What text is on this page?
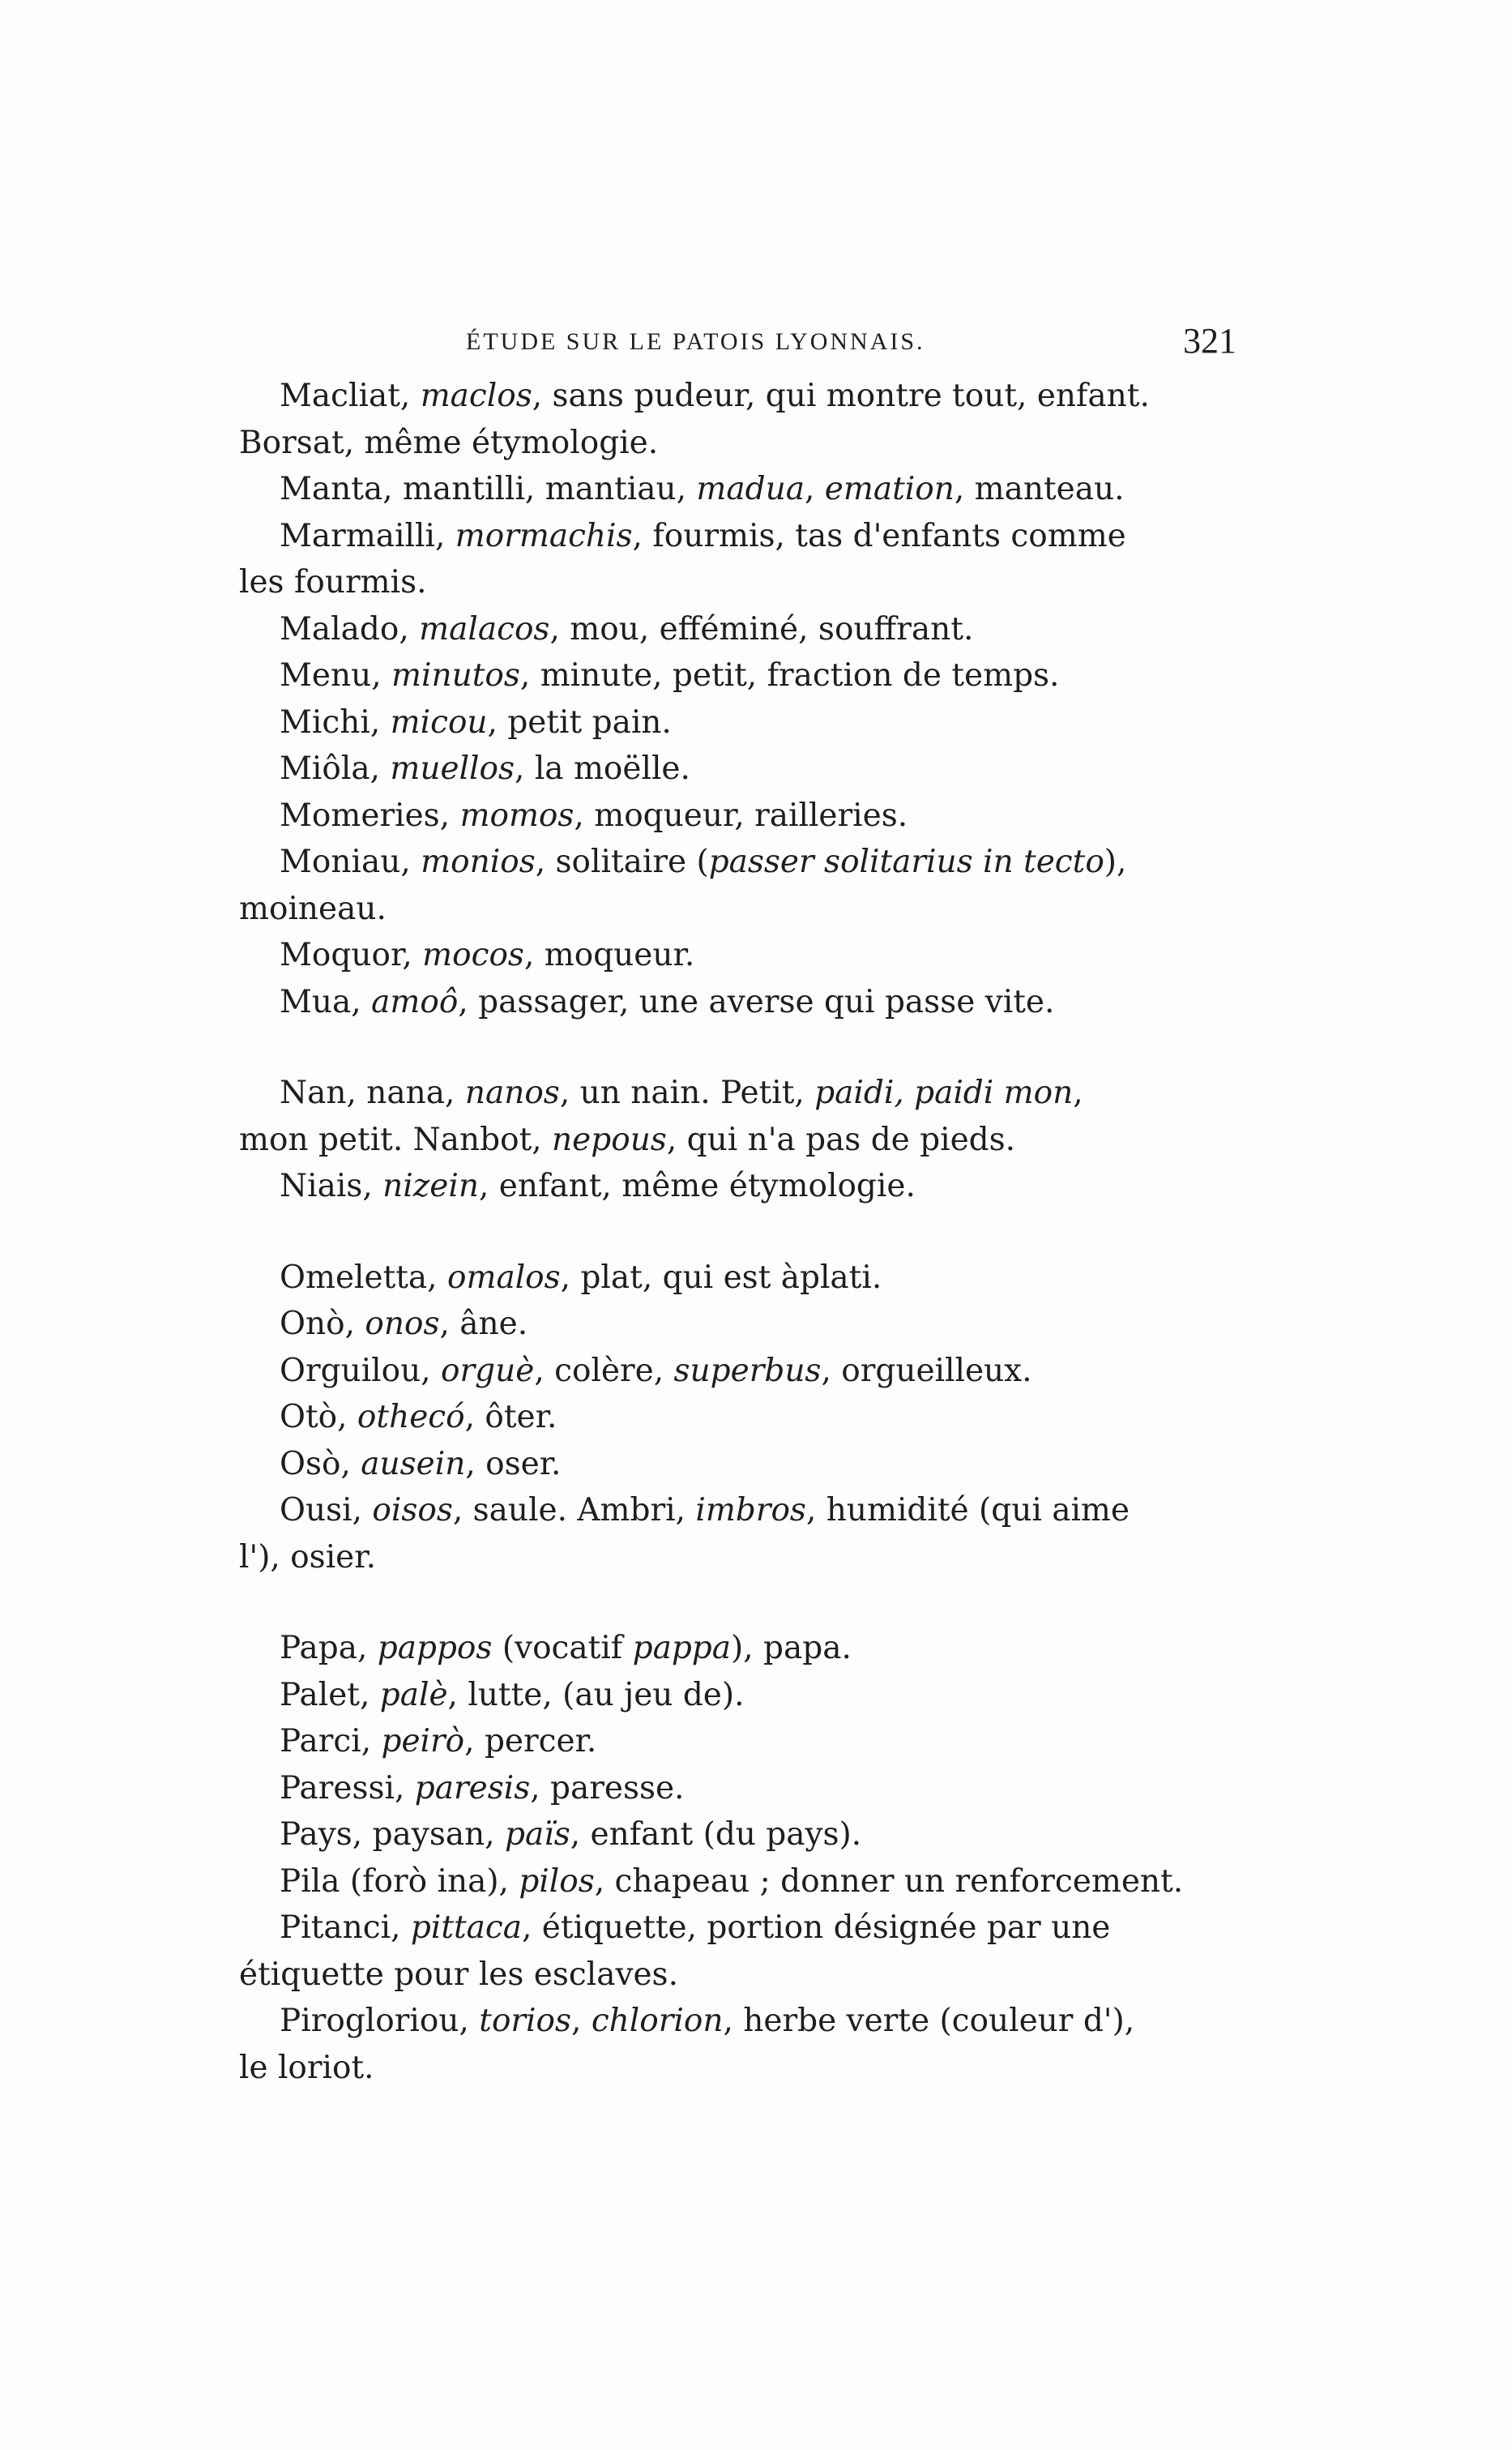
ÉTUDE SUR LE PATOIS LYONNAIS.	321
Macliat, maclos, sans pudeur, qui montre tout, enfant.
Borsat, même étymologie.
Manta, mantilli, mantiau, madua, emation, manteau.
Marmailli, mormachis, fourmis, tas d'enfants comme
les fourmis.
Malado, malacos, mou, efféminé, souffrant.
Menu, minutos, minute, petit, fraction de temps.
Michi, micou, petit pain.
Miôla, muellos, la moëlle.
Momeries, momos, moqueur, railleries.
Moniau, monios, solitaire (passer solitarius in tecto),
moineau.
Moquor, mocos, moqueur.
Mua, amoô, passager, une averse qui passe vite.
Nan, nana, nanos, un nain. Petit, paidi, paidi mon,
mon petit. Nanbot, nepous, qui n'a pas de pieds.
Niais, nizein, enfant, même étymologie.
Omeletta, omalos, plat, qui est àplati.
Onò, onos, âne.
Orguilou, orguè, colère, superbus, orgueilleux.
Otò, othecó, ôter.
Osò, ausein, oser.
Ousi, oisos, saule. Ambri, imbros, humidité (qui aime
l'), osier.
Papa, pappos (vocatif pappa), papa.
Palet, palè, lutte, (au jeu de).
Parci, peirò, percer.
Paressi, paresis, paresse.
Pays, paysan, païs, enfant (du pays).
Pila (forò ina), pilos, chapeau ; donner un renforcement.
Pitanci, pittaca, étiquette, portion désignée par une
étiquette pour les esclaves.
Pirogloriou, torios, chlorion, herbe verte (couleur d'),
le loriot.
